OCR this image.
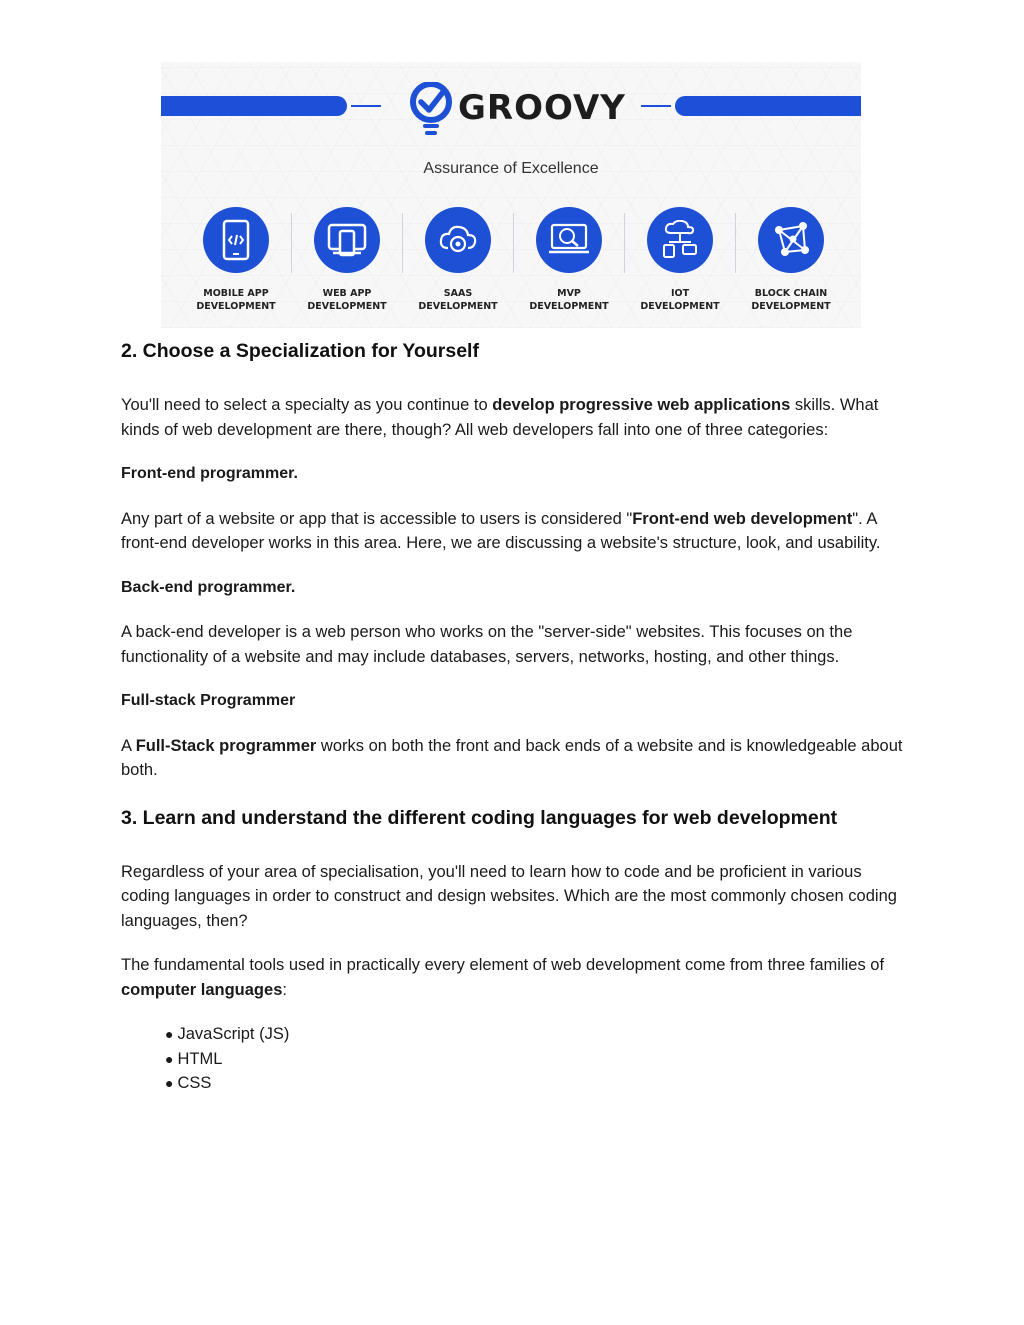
GROOVY
Assurance of Excellence
MOBILE APP
DEVELOPMENT
WEB APP
DEVELOPMENT
SAAS
DEVELOPMENT
MVP
DEVELOPMENT
IOT
DEVELOPMENT
BLOCK CHAIN
DEVELOPMENT
2. Choose a Specialization for Yourself

You'll need to select a specialty as you continue to develop progressive web applications skills. What kinds of web development are there, though? All web developers fall into one of three categories:

Front-end programmer.

Any part of a website or app that is accessible to users is considered "Front-end web development". A front-end developer works in this area. Here, we are discussing a website's structure, look, and usability.

Back-end programmer.

A back-end developer is a web person who works on the "server-side" websites. This focuses on the functionality of a website and may include databases, servers, networks, hosting, and other things.

Full-stack Programmer

A Full-Stack programmer works on both the front and back ends of a website and is knowledgeable about both.

3. Learn and understand the different coding languages for web development

Regardless of your area of specialisation, you'll need to learn how to code and be proficient in various coding languages in order to construct and design websites. Which are the most commonly chosen coding languages, then?

The fundamental tools used in practically every element of web development come from three families of computer languages:

● JavaScript (JS)
● HTML
● CSS
